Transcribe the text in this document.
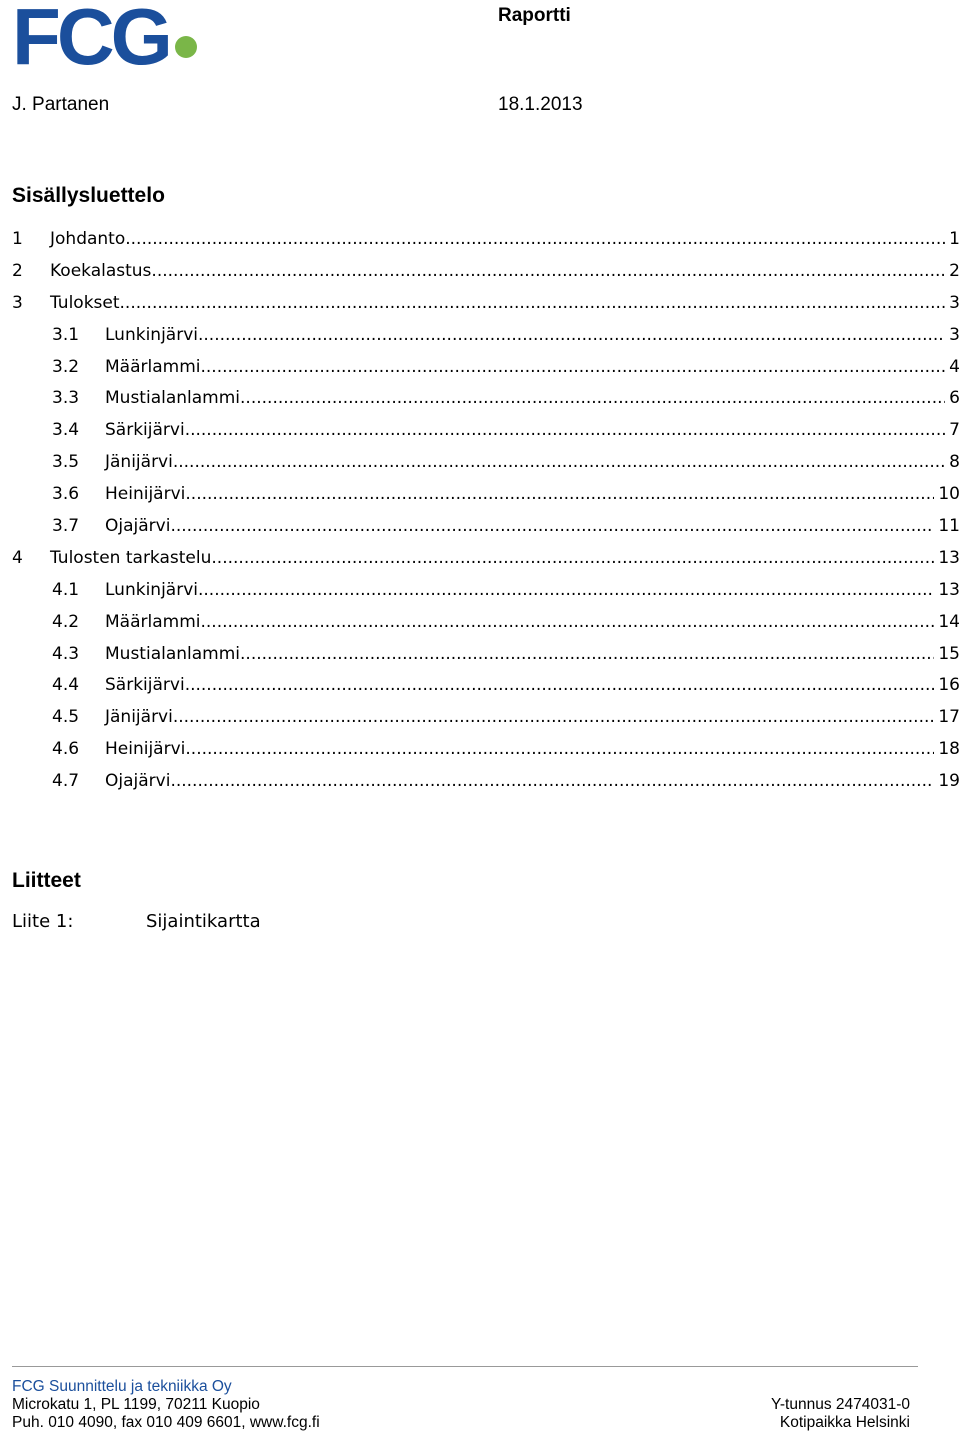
FCG	Raportti
J. Partanen	18.1.2013
Sisällysluettelo
1	Johdanto .....	1
2	Koekalastus .....	2
3	Tulokset .....	3
3.1	Lunkinjärvi .....	3
3.2	Määrlammi .....	4
3.3	Mustialanlammi .....	6
3.4	Särkijärvi .....	7
3.5	Jänijärvi .....	8
3.6	Heinijärvi .....	10
3.7	Ojajärvi .....	11
4	Tulosten tarkastelu .....	13
4.1	Lunkinjärvi .....	13
4.2	Määrlammi .....	14
4.3	Mustialanlammi .....	15
4.4	Särkijärvi .....	16
4.5	Jänijärvi .....	17
4.6	Heinijärvi .....	18
4.7	Ojajärvi .....	19
Liitteet
Liite 1:	Sijaintikartta
FCG Suunnittelu ja tekniikka Oy
Microkatu 1, PL 1199, 70211 Kuopio	Y-tunnus 2474031-0
Puh. 010 4090, fax 010 409 6601, www.fcg.fi	Kotipaikka Helsinki
